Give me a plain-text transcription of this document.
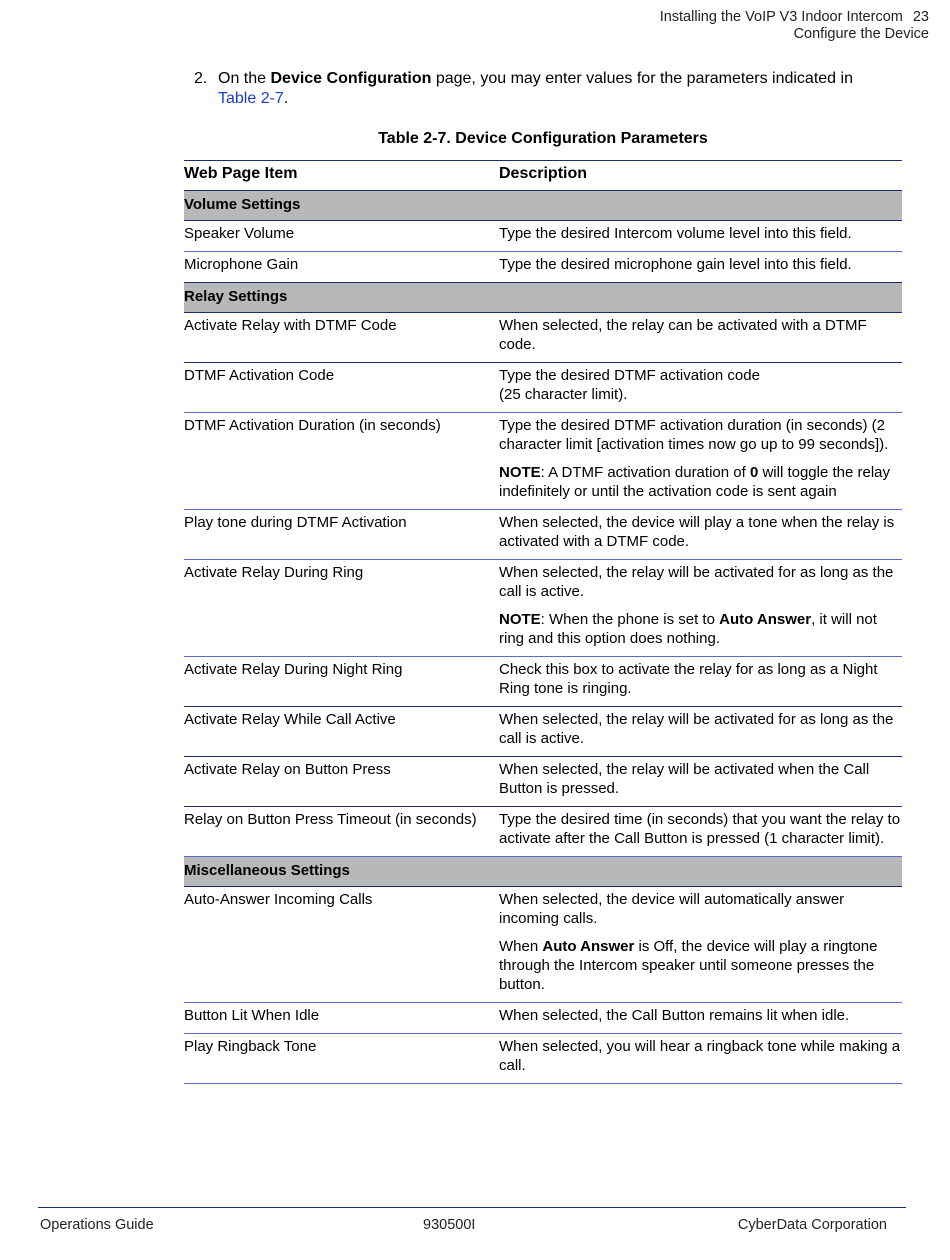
Installing the VoIP V3 Indoor Intercom 23
Configure the Device
2. On the Device Configuration page, you may enter values for the parameters indicated in Table 2-7.
Table 2-7. Device Configuration Parameters
Web Page Item	Description
Volume Settings	
Speaker Volume	Type the desired Intercom volume level into this field.
Microphone Gain	Type the desired microphone gain level into this field.
Relay Settings	
Activate Relay with DTMF Code	When selected, the relay can be activated with a DTMF code.
DTMF Activation Code	Type the desired DTMF activation code
(25 character limit).

DTMF Activation Duration (in seconds)	Type the desired DTMF activation duration (in seconds) (2 character limit [activation times now go up to 99 seconds]).
NOTE: A DTMF activation duration of 0 will toggle the relay indefinitely or until the activation code is sent again

Play tone during DTMF Activation	When selected, the device will play a tone when the relay is activated with a DTMF code.
Activate Relay During Ring	When selected, the relay will be activated for as long as the call is active.
NOTE: When the phone is set to Auto Answer, it will not ring and this option does nothing.

Activate Relay During Night Ring	Check this box to activate the relay for as long as a Night Ring tone is ringing.
Activate Relay While Call Active	When selected, the relay will be activated for as long as the call is active.
Activate Relay on Button Press	When selected, the relay will be activated when the Call Button is pressed.
Relay on Button Press Timeout (in seconds)	Type the desired time (in seconds) that you want the relay to activate after the Call Button is pressed (1 character limit).
Miscellaneous Settings	
Auto-Answer Incoming Calls	When selected, the device will automatically answer incoming calls.
When Auto Answer is Off, the device will play a ringtone through the Intercom speaker until someone presses the button.

Button Lit When Idle	When selected, the Call Button remains lit when idle.
Play Ringback Tone	When selected, you will hear a ringback tone while making a call.
Operations Guide	930500I	CyberData Corporation
